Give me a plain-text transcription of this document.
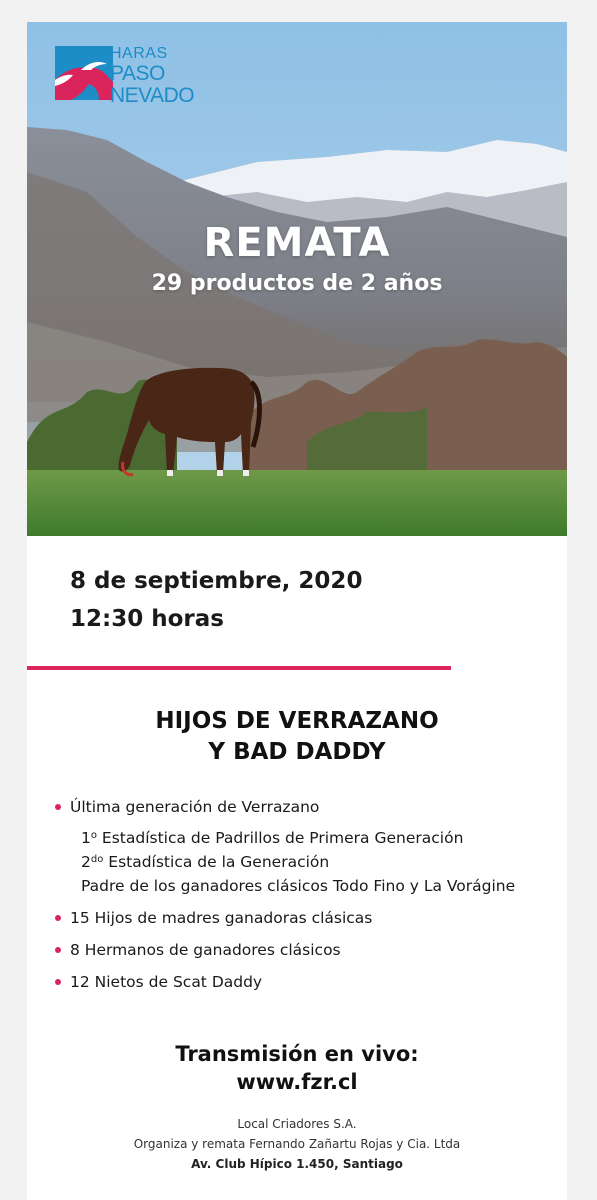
HARAS
PASO
NEVADO
REMATA
29 productos de 2 años
8 de septiembre, 2020
12:30 horas
HIJOS DE VERRAZANO
Y BAD DADDY
Última generación de Verrazano
1$^o$ Estadística de Padrillos de Primera Generación
$2^{do}$ Estadística de la Generación
Padre de los ganadores clásicos Todo Fino y La Vorágine
15 Hijos de madres ganadoras clásicas
8 Hermanos de ganadores clásicos
12 Nietos de Scat Daddy
Transmisión en vivo:
www.fzr.cl
Local Criadores S.A.
Organiza y remata Fernando Zañartu Rojas y Cia. Ltda
Av. Club Hípico 1.450, Santiago
